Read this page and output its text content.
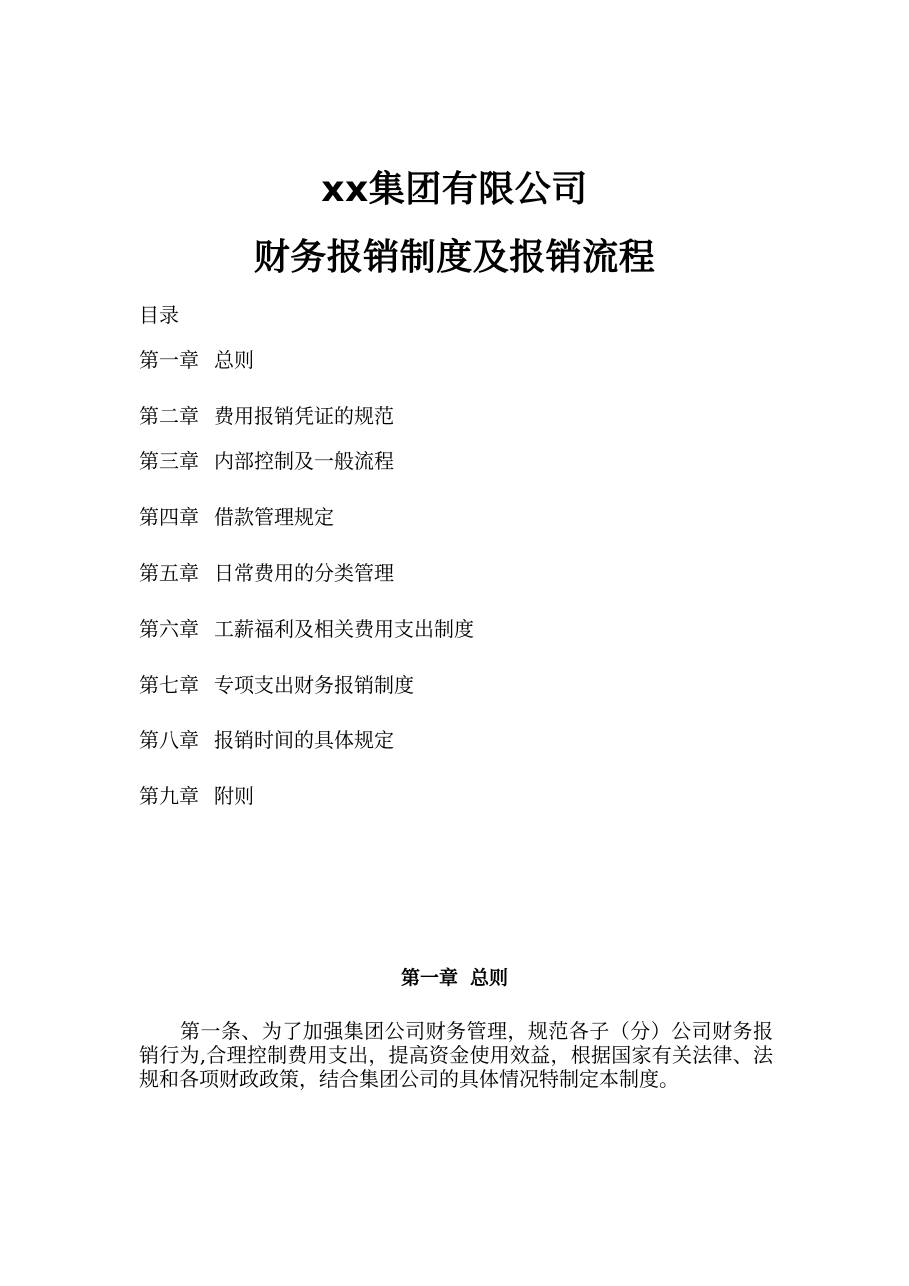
xx集团有限公司
财务报销制度及报销流程

目录

第一章 总则
第二章 费用报销凭证的规范
第三章 内部控制及一般流程
第四章 借款管理规定
第五章 日常费用的分类管理
第六章 工薪福利及相关费用支出制度
第七章 专项支出财务报销制度
第八章 报销时间的具体规定
第九章 附则
第一章 总则

第一条、为了加强集团公司财务管理，规范各子（分）公司财务报销行为,合理控制费用支出，提高资金使用效益，根据国家有关法律、法规和各项财政政策，结合集团公司的具体情况特制定本制度。
